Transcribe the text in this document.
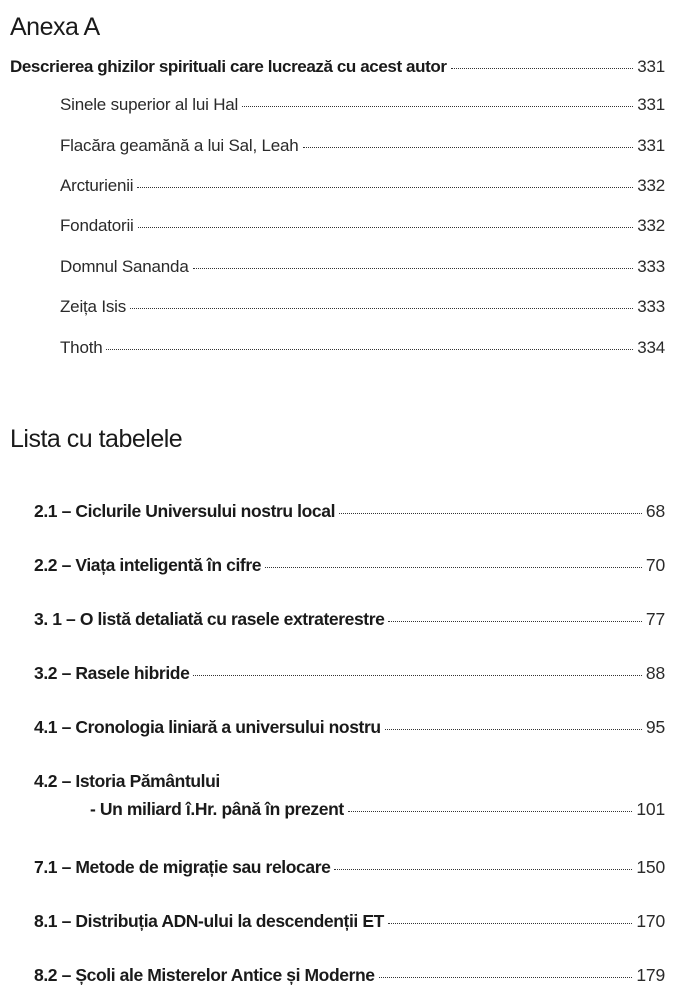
Anexa A
Descrierea ghizilor spirituali care lucrează cu acest autor	331
Sinele superior al lui Hal	331
Flacăra geamănă a lui Sal, Leah	331
Arcturienii	332
Fondatorii	332
Domnul Sananda	333
Zeița Isis	333
Thoth	334
Lista cu tabelele
2.1 – Ciclurile Universului nostru local	68
2.2 – Viața inteligentă în cifre	70
3. 1 – O listă detaliată cu rasele extraterestre	77
3.2 – Rasele hibride	88
4.1 – Cronologia liniară a universului nostru	95
4.2 – Istoria Pământului
- Un miliard î.Hr. până în prezent	101
7.1 – Metode de migrație sau relocare	150
8.1 – Distribuția ADN-ului la descendenții ET	170
8.2 – Școli ale Misterelor Antice și Moderne	179
